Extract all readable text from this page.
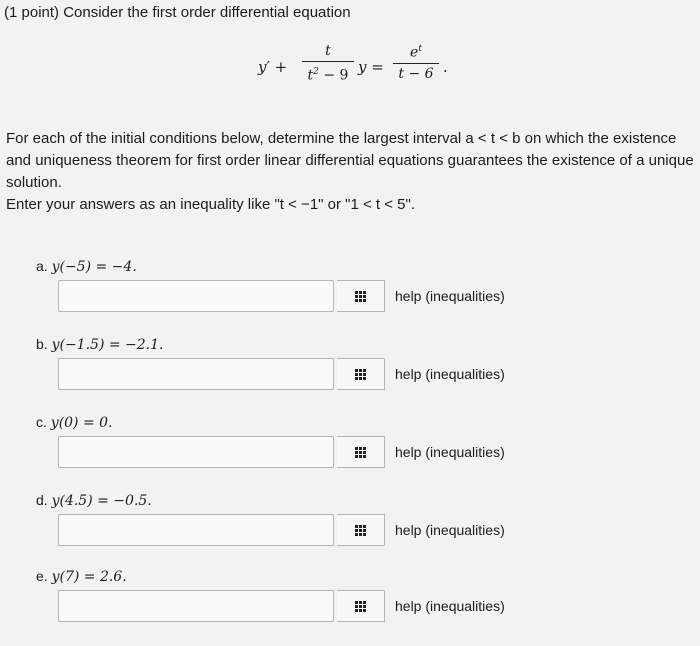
(1 point) Consider the first order differential equation
y′ +
t
$t^2 - 9$ y =
$e^t$
t − 6 .

For each of the initial conditions below, determine the largest interval a < t < b on which the existence and uniqueness theorem for first order linear differential equations guarantees the existence of a unique solution.

Enter your answers as an inequality like "t < −1" or "1 < t < 5".

a. y(−5) = −4.
help (inequalities)
b. y(−1.5) = −2.1.
help (inequalities)
c. y(0) = 0.
help (inequalities)
d. y(4.5) = −0.5.
help (inequalities)
e. y(7) = 2.6.
help (inequalities)
